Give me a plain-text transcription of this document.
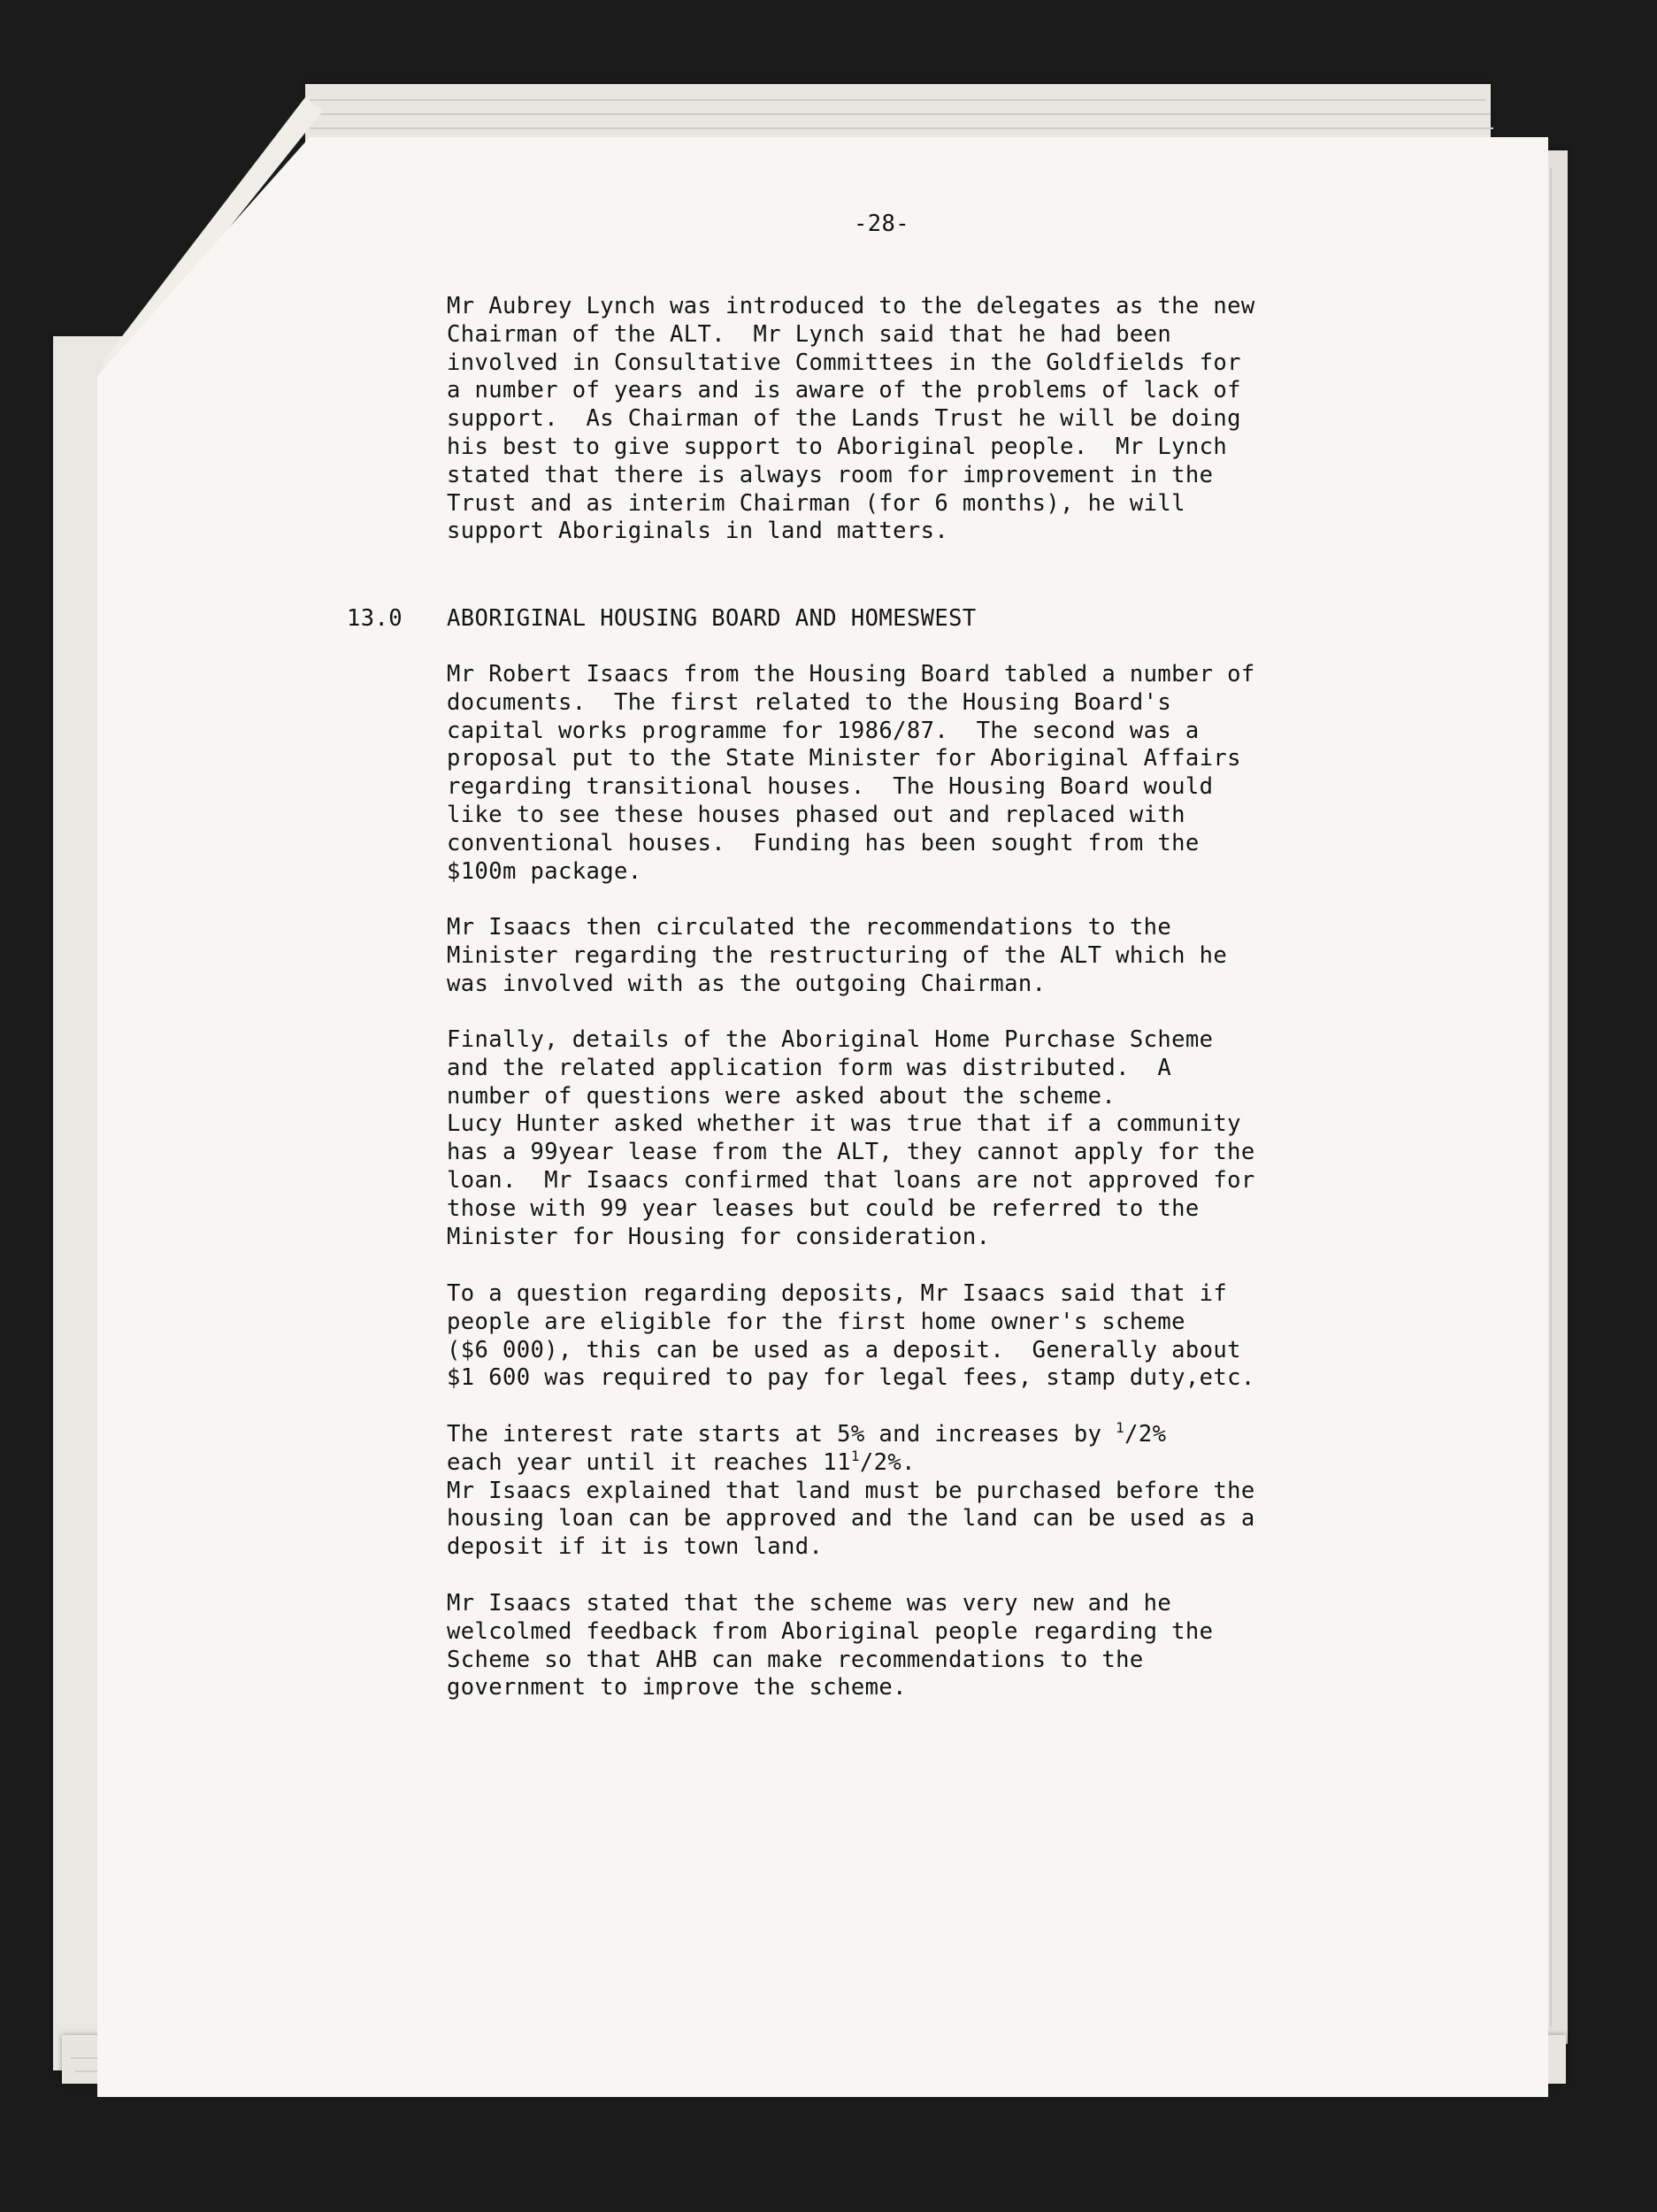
-28-
Mr Aubrey Lynch was introduced to the delegates as the new
Chairman of the ALT.  Mr Lynch said that he had been
involved in Consultative Committees in the Goldfields for
a number of years and is aware of the problems of lack of
support.  As Chairman of the Lands Trust he will be doing
his best to give support to Aboriginal people.  Mr Lynch
stated that there is always room for improvement in the
Trust and as interim Chairman (for 6 months), he will
support Aboriginals in land matters.
13.0 ABORIGINAL HOUSING BOARD AND HOMESWEST
Mr Robert Isaacs from the Housing Board tabled a number of
documents.  The first related to the Housing Board's
capital works programme for 1986/87.  The second was a
proposal put to the State Minister for Aboriginal Affairs
regarding transitional houses.  The Housing Board would
like to see these houses phased out and replaced with
conventional houses.  Funding has been sought from the
$100m package.
Mr Isaacs then circulated the recommendations to the
Minister regarding the restructuring of the ALT which he
was involved with as the outgoing Chairman.
Finally, details of the Aboriginal Home Purchase Scheme
and the related application form was distributed.  A
number of questions were asked about the scheme.
Lucy Hunter asked whether it was true that if a community
has a 99year lease from the ALT, they cannot apply for the
loan.  Mr Isaacs confirmed that loans are not approved for
those with 99 year leases but could be referred to the
Minister for Housing for consideration.
To a question regarding deposits, Mr Isaacs said that if
people are eligible for the first home owner's scheme
($6 000), this can be used as a deposit.  Generally about
$1 600 was required to pay for legal fees, stamp duty,etc.
The interest rate starts at 5% and increases by $^1$/2%
each year until it reaches $11^1/2\%$.
Mr Isaacs explained that land must be purchased before the
housing loan can be approved and the land can be used as a
deposit if it is town land.
Mr Isaacs stated that the scheme was very new and he
welcolmed feedback from Aboriginal people regarding the
Scheme so that AHB can make recommendations to the
government to improve the scheme.
